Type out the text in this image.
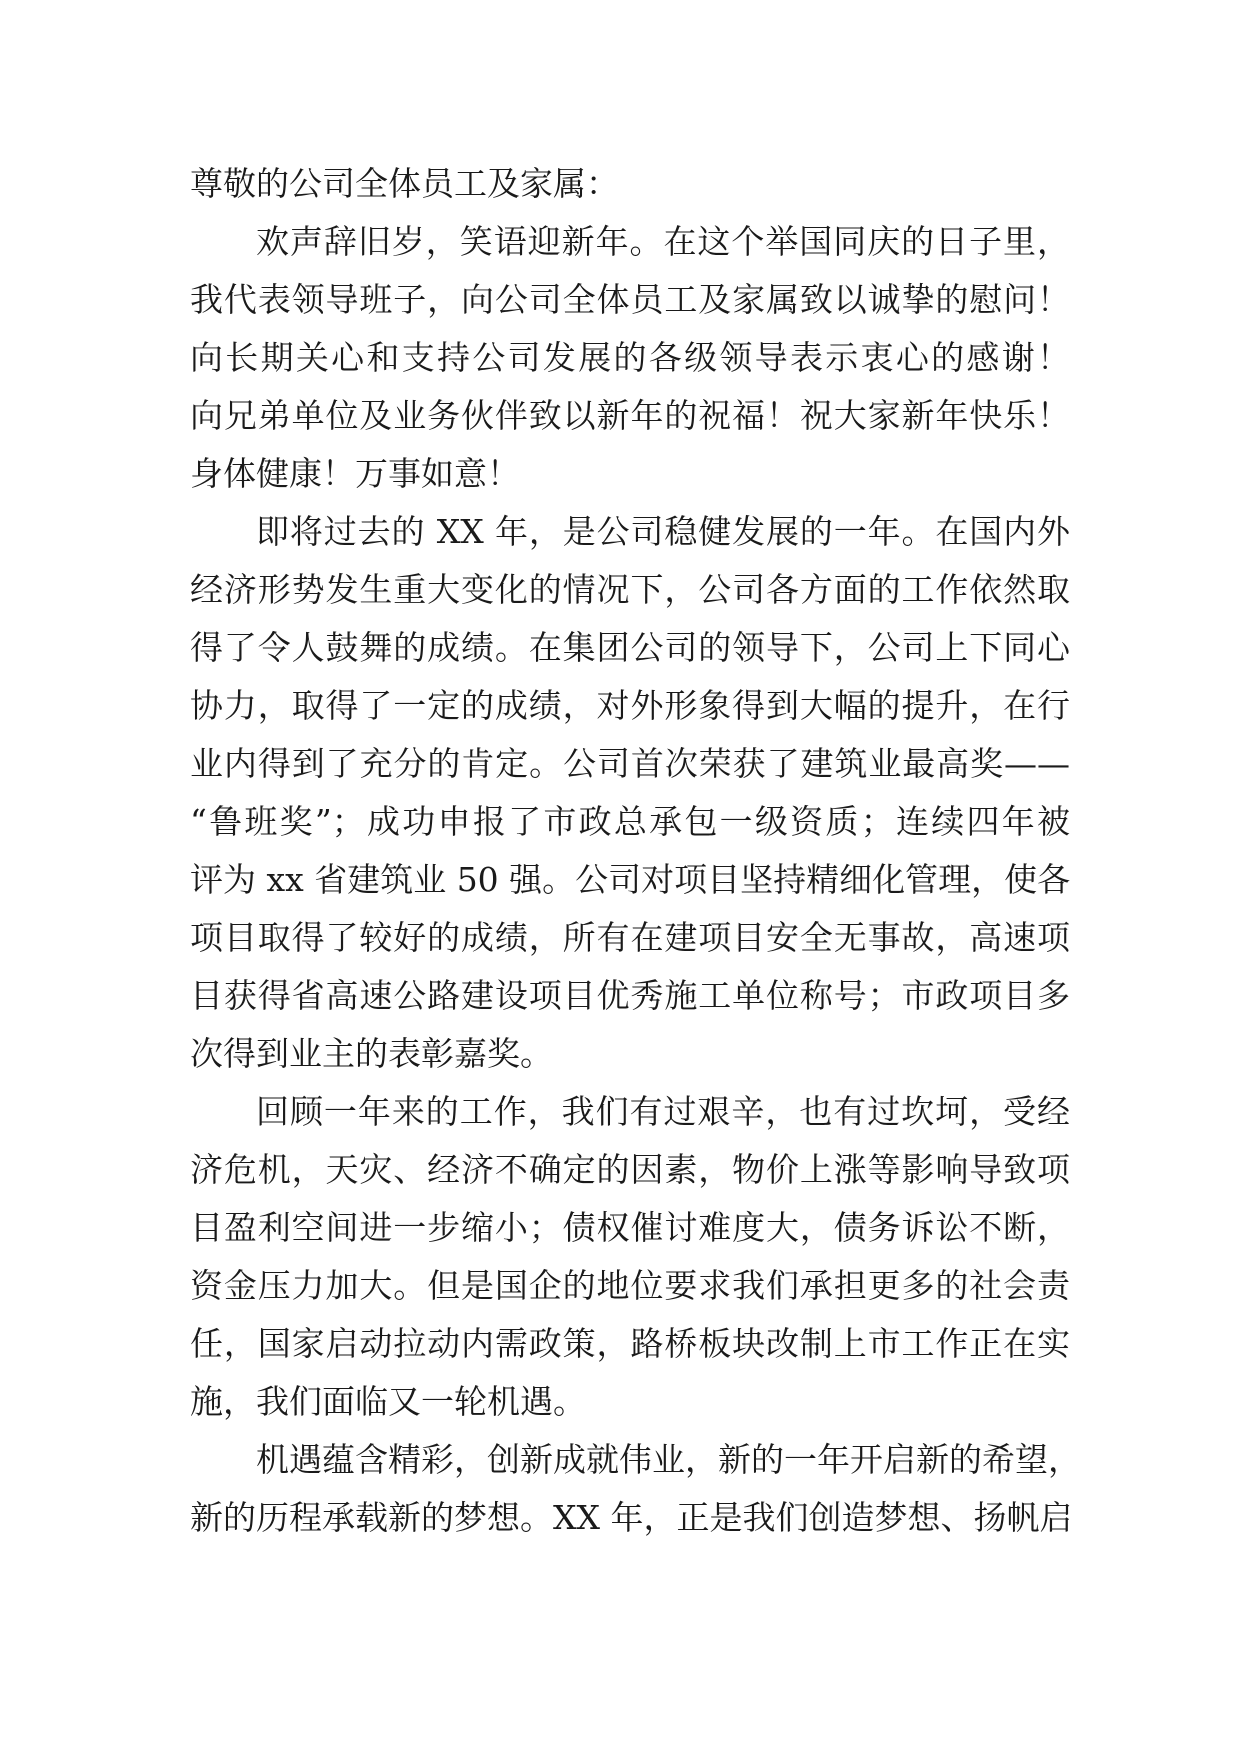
尊敬的公司全体员工及家属：
欢声辞旧岁，笑语迎新年。在这个举国同庆的日子里，
我代表领导班子，向公司全体员工及家属致以诚挚的慰问！
向长期关心和支持公司发展的各级领导表示衷心的感谢！
向兄弟单位及业务伙伴致以新年的祝福！祝大家新年快乐！
身体健康！万事如意！
即将过去的 XX 年，是公司稳健发展的一年。在国内外
经济形势发生重大变化的情况下，公司各方面的工作依然取
得了令人鼓舞的成绩。在集团公司的领导下，公司上下同心
协力，取得了一定的成绩，对外形象得到大幅的提升，在行
业内得到了充分的肯定。公司首次荣获了建筑业最高奖——
“鲁班奖”；成功申报了市政总承包一级资质；连续四年被
评为 xx 省建筑业 50 强。公司对项目坚持精细化管理，使各
项目取得了较好的成绩，所有在建项目安全无事故，高速项
目获得省高速公路建设项目优秀施工单位称号；市政项目多
次得到业主的表彰嘉奖。
回顾一年来的工作，我们有过艰辛，也有过坎坷，受经
济危机，天灾、经济不确定的因素，物价上涨等影响导致项
目盈利空间进一步缩小；债权催讨难度大，债务诉讼不断，
资金压力加大。但是国企的地位要求我们承担更多的社会责
任，国家启动拉动内需政策，路桥板块改制上市工作正在实
施，我们面临又一轮机遇。
机遇蕴含精彩，创新成就伟业，新的一年开启新的希望，
新的历程承载新的梦想。XX 年，正是我们创造梦想、扬帆启
